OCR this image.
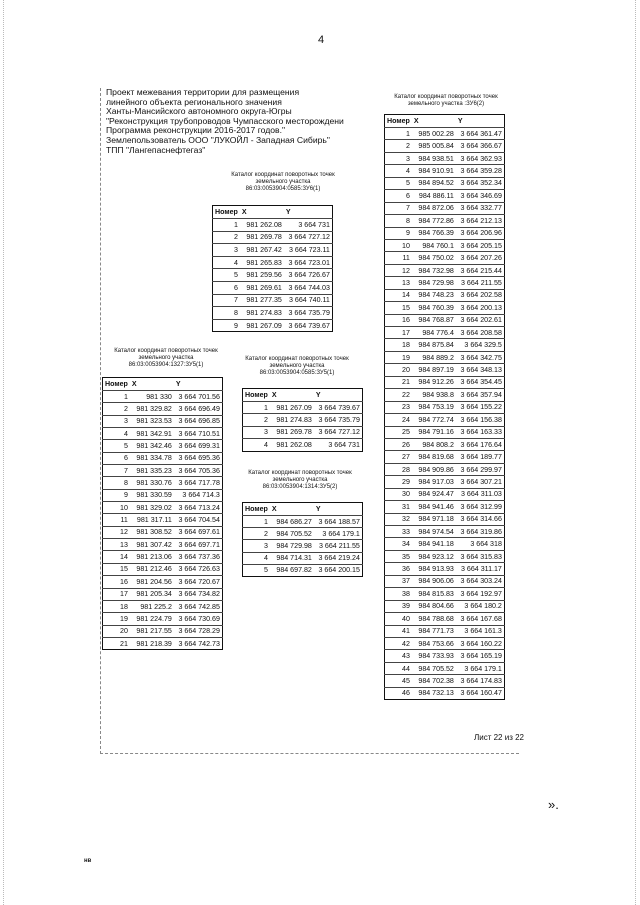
4
Проект межевания территории для размещения
линейного объекта регионального значения
Ханты-Мансийского автономного округа-Югры
"Реконструкция трубопроводов Чумпасского месторождени
Программа реконструкции 2016-2017 годов."
Землепользователь ООО "ЛУКОЙЛ - Западная Сибирь"
ТПП "Лангепаснефтегаз"
Каталог координат поворотных точек
земельного участка
86:03:0053904:0585:ЗУ6(1)
Номер	X	Y
1	981 262.08	3 664 731
2	981 269.78	3 664 727.12
3	981 267.42	3 664 723.11
4	981 265.83	3 664 723.01
5	981 259.56	3 664 726.67
6	981 269.61	3 664 744.03
7	981 277.35	3 664 740.11
8	981 274.83	3 664 735.79
9	981 267.09	3 664 739.67
Каталог координат поворотных точек
земельного участка
86:03:0053904:0585:ЗУ5(1)
Номер	X	Y
1	981 267.09	3 664 739.67
2	981 274.83	3 664 735.79
3	981 269.78	3 664 727.12
4	981 262.08	3 664 731
Каталог координат поворотных точек
земельного участка
86:03:0053904:1314:ЗУ5(2)
Номер	X	Y
1	984 686.27	3 664 188.57
2	984 705.52	3 664 179.1
3	984 729.98	3 664 211.55
4	984 714.31	3 664 219.24
5	984 697.82	3 664 200.15
Каталог координат поворотных точек
земельного участка
86:03:0053904:1327:ЗУ5(1)
Номер	X	Y
1	981 330	3 664 701.56
2	981 329.82	3 664 696.49
3	981 323.53	3 664 696.85
4	981 342.91	3 664 710.51
5	981 342.46	3 664 699.31
6	981 334.78	3 664 695.36
7	981 335.23	3 664 705.36
8	981 330.76	3 664 717.78
9	981 330.59	3 664 714.3
10	981 329.02	3 664 713.24
11	981 317.11	3 664 704.54
12	981 308.52	3 664 697.61
13	981 307.42	3 664 697.71
14	981 213.06	3 664 737.36
15	981 212.46	3 664 726.63
16	981 204.56	3 664 720.67
17	981 205.34	3 664 734.82
18	981 225.2	3 664 742.85
19	981 224.79	3 664 730.69
20	981 217.55	3 664 728.29
21	981 218.39	3 664 742.73
Каталог координат поворотных точек
земельного участка :ЗУ6(2)
Номер	X	Y
1	985 002.28	3 664 361.47
2	985 005.84	3 664 366.67
3	984 938.51	3 664 362.93
4	984 910.91	3 664 359.28
5	984 894.52	3 664 352.34
6	984 886.11	3 664 346.69
7	984 872.06	3 664 332.77
8	984 772.86	3 664 212.13
9	984 766.39	3 664 206.96
10	984 760.1	3 664 205.15
11	984 750.02	3 664 207.26
12	984 732.98	3 664 215.44
13	984 729.98	3 664 211.55
14	984 748.23	3 664 202.58
15	984 760.39	3 664 200.13
16	984 768.87	3 664 202.61
17	984 776.4	3 664 208.58
18	984 875.84	3 664 329.5
19	984 889.2	3 664 342.75
20	984 897.19	3 664 348.13
21	984 912.26	3 664 354.45
22	984 938.8	3 664 357.94
23	984 753.19	3 664 155.22
24	984 772.74	3 664 156.38
25	984 791.16	3 664 163.33
26	984 808.2	3 664 176.64
27	984 819.68	3 664 189.77
28	984 909.86	3 664 299.97
29	984 917.03	3 664 307.21
30	984 924.47	3 664 311.03
31	984 941.46	3 664 312.99
32	984 971.18	3 664 314.66
33	984 974.54	3 664 319.86
34	984 941.18	3 664 318
35	984 923.12	3 664 315.83
36	984 913.93	3 664 311.17
37	984 906.06	3 664 303.24
38	984 815.83	3 664 192.97
39	984 804.66	3 664 180.2
40	984 788.68	3 664 167.68
41	984 771.73	3 664 161.3
42	984 753.66	3 664 160.22
43	984 733.93	3 664 165.19
44	984 705.52	3 664 179.1
45	984 702.38	3 664 174.83
46	984 732.13	3 664 160.47
Лист 22 из 22
».
нв
